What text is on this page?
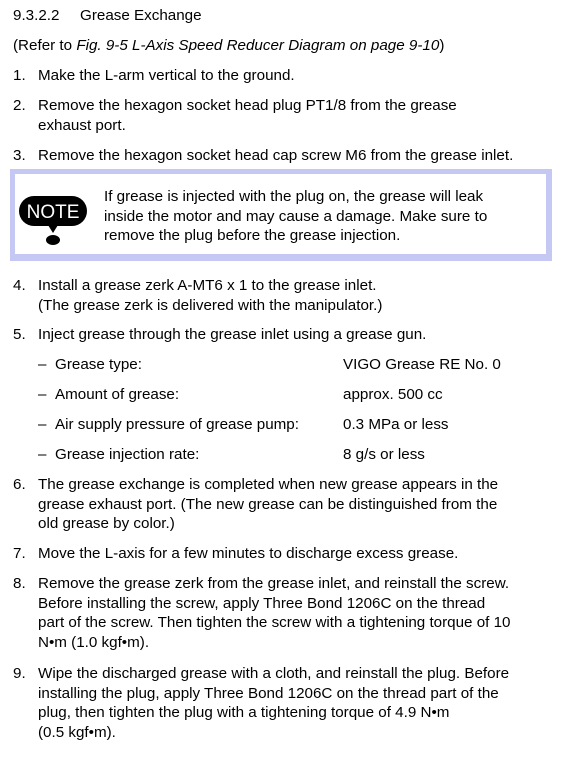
9.3.2.2 Grease Exchange
(Refer to Fig. 9-5 L-Axis Speed Reducer Diagram on page 9-10)
1. Make the L-arm vertical to the ground.
2. Remove the hexagon socket head plug PT1/8 from the grease
exhaust port.
3. Remove the hexagon socket head cap screw M6 from the grease inlet.
NOTE
If grease is injected with the plug on, the grease will leak
inside the motor and may cause a damage. Make sure to
remove the plug before the grease injection.
4. Install a grease zerk A-MT6 x 1 to the grease inlet.
(The grease zerk is delivered with the manipulator.)
5. Inject grease through the grease inlet using a grease gun.
– Grease type:	VIGO Grease RE No. 0
– Amount of grease:	approx. 500 cc
– Air supply pressure of grease pump:	0.3 MPa or less
– Grease injection rate:	8 g/s or less
6. The grease exchange is completed when new grease appears in the
grease exhaust port. (The new grease can be distinguished from the
old grease by color.)
7. Move the L-axis for a few minutes to discharge excess grease.
8. Remove the grease zerk from the grease inlet, and reinstall the screw.
Before installing the screw, apply Three Bond 1206C on the thread
part of the screw. Then tighten the screw with a tightening torque of 10
N•m (1.0 kgf•m).
9. Wipe the discharged grease with a cloth, and reinstall the plug. Before
installing the plug, apply Three Bond 1206C on the thread part of the
plug, then tighten the plug with a tightening torque of 4.9 N•m
(0.5 kgf•m).
